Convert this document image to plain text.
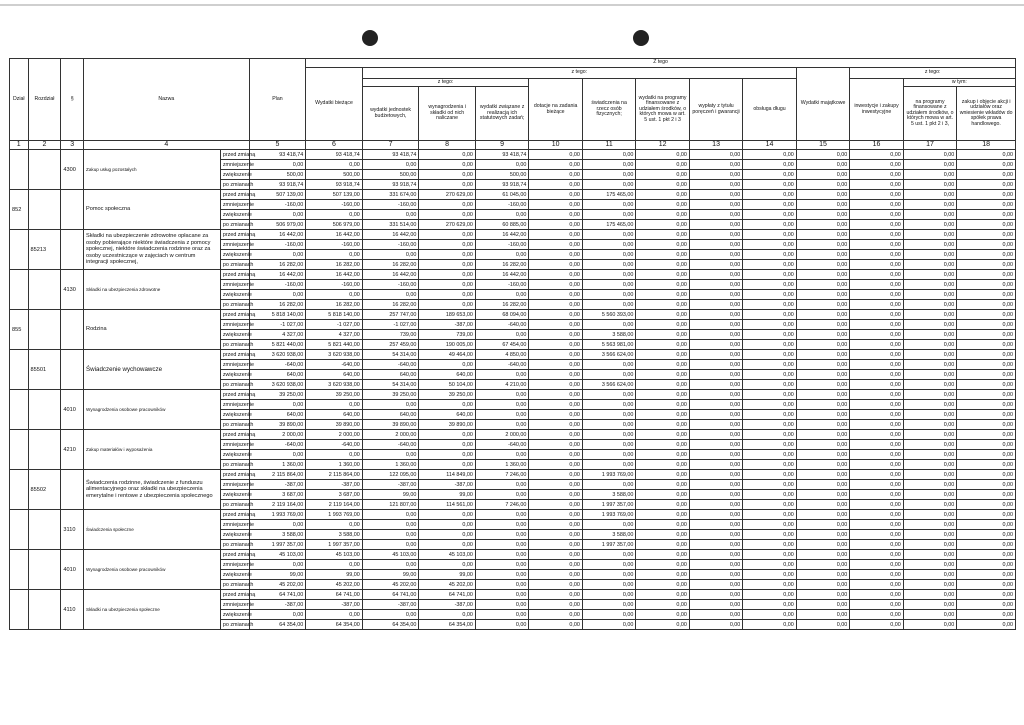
Dział	Rozdział	§	Nazwa		Plan	Z tego												
						Wydatki bieżące	z tego:								Wydatki majątkowe	z tego:		
							z tego:			dotacje na zadania bieżące	świadczenia na rzecz osób fizycznych;	wydatki na programy finansowane z udziałem środków, o których mowa w art. 5 ust. 1 pkt 2 i 3	wypłaty z tytułu poręczeń i gwarancji	obsługa długu		inwestycje i zakupy inwestycyjne	w tym:	
							wydatki jednostek budżetowych,	wynagrodzenia i składki od nich naliczane	wydatki związane z realizacją ich statutowych zadań;								na programy finansowane z udziałem środków, o których mowa w art. 5 ust. 1 pkt 2 i 3,	zakup i objęcie akcji i udziałów oraz wniesienie wkładów do spółek prawa handlowego.
1	2	3	4		5	6	7	8	9	10	11	12	13	14	15	16	17	18
		4300	Zakup usług pozostałych	przed zmianą	93 418,74	93 418,74	93 418,74	0,00	93 418,74	0,00	0,00	0,00	0,00	0,00	0,00	0,00	0,00	0,00
				zmniejszenie	0,00	0,00	0,00	0,00	0,00	0,00	0,00	0,00	0,00	0,00	0,00	0,00	0,00	0,00
				zwiększenie	500,00	500,00	500,00	0,00	500,00	0,00	0,00	0,00	0,00	0,00	0,00	0,00	0,00	0,00
				po zmianach	93 918,74	93 918,74	93 918,74	0,00	93 918,74	0,00	0,00	0,00	0,00	0,00	0,00	0,00	0,00	0,00
852			Pomoc społeczna	przed zmianą	507 139,00	507 139,00	331 674,00	270 629,00	61 045,00	0,00	175 465,00	0,00	0,00	0,00	0,00	0,00	0,00	0,00
				zmniejszenie	-160,00	-160,00	-160,00	0,00	-160,00	0,00	0,00	0,00	0,00	0,00	0,00	0,00	0,00	0,00
				zwiększenie	0,00	0,00	0,00	0,00	0,00	0,00	0,00	0,00	0,00	0,00	0,00	0,00	0,00	0,00
				po zmianach	506 979,00	506 979,00	331 514,00	270 629,00	60 885,00	0,00	175 465,00	0,00	0,00	0,00	0,00	0,00	0,00	0,00
	85213		Składki na ubezpieczenie zdrowotne opłacane za osoby pobierające niektóre świadczenia z pomocy społecznej, niektóre świadczenia rodzinne oraz za osoby uczestniczące w zajęciach w centrum integracji społecznej,	przed zmianą	16 442,00	16 442,00	16 442,00	0,00	16 442,00	0,00	0,00	0,00	0,00	0,00	0,00	0,00	0,00	0,00
				zmniejszenie	-160,00	-160,00	-160,00	0,00	-160,00	0,00	0,00	0,00	0,00	0,00	0,00	0,00	0,00	0,00
				zwiększenie	0,00	0,00	0,00	0,00	0,00	0,00	0,00	0,00	0,00	0,00	0,00	0,00	0,00	0,00
				po zmianach	16 282,00	16 282,00	16 282,00	0,00	16 282,00	0,00	0,00	0,00	0,00	0,00	0,00	0,00	0,00	0,00
		4130	Składki na ubezpieczenia zdrowotne	przed zmianą	16 442,00	16 442,00	16 442,00	0,00	16 442,00	0,00	0,00	0,00	0,00	0,00	0,00	0,00	0,00	0,00
				zmniejszenie	-160,00	-160,00	-160,00	0,00	-160,00	0,00	0,00	0,00	0,00	0,00	0,00	0,00	0,00	0,00
				zwiększenie	0,00	0,00	0,00	0,00	0,00	0,00	0,00	0,00	0,00	0,00	0,00	0,00	0,00	0,00
				po zmianach	16 282,00	16 282,00	16 282,00	0,00	16 282,00	0,00	0,00	0,00	0,00	0,00	0,00	0,00	0,00	0,00
855			Rodzina	przed zmianą	5 818 140,00	5 818 140,00	257 747,00	189 653,00	68 094,00	0,00	5 560 393,00	0,00	0,00	0,00	0,00	0,00	0,00	0,00
				zmniejszenie	-1 027,00	-1 027,00	-1 027,00	-387,00	-640,00	0,00	0,00	0,00	0,00	0,00	0,00	0,00	0,00	0,00
				zwiększenie	4 327,00	4 327,00	739,00	739,00	0,00	0,00	3 588,00	0,00	0,00	0,00	0,00	0,00	0,00	0,00
				po zmianach	5 821 440,00	5 821 440,00	257 459,00	190 005,00	67 454,00	0,00	5 563 981,00	0,00	0,00	0,00	0,00	0,00	0,00	0,00
	85501		Świadczenie wychowawcze	przed zmianą	3 620 938,00	3 620 938,00	54 314,00	49 464,00	4 850,00	0,00	3 566 624,00	0,00	0,00	0,00	0,00	0,00	0,00	0,00
				zmniejszenie	-640,00	-640,00	-640,00	0,00	-640,00	0,00	0,00	0,00	0,00	0,00	0,00	0,00	0,00	0,00
				zwiększenie	640,00	640,00	640,00	640,00	0,00	0,00	0,00	0,00	0,00	0,00	0,00	0,00	0,00	0,00
				po zmianach	3 620 938,00	3 620 938,00	54 314,00	50 104,00	4 210,00	0,00	3 566 624,00	0,00	0,00	0,00	0,00	0,00	0,00	0,00
		4010	Wynagrodzenia osobowe pracowników	przed zmianą	39 250,00	39 250,00	39 250,00	39 250,00	0,00	0,00	0,00	0,00	0,00	0,00	0,00	0,00	0,00	0,00
				zmniejszenie	0,00	0,00	0,00	0,00	0,00	0,00	0,00	0,00	0,00	0,00	0,00	0,00	0,00	0,00
				zwiększenie	640,00	640,00	640,00	640,00	0,00	0,00	0,00	0,00	0,00	0,00	0,00	0,00	0,00	0,00
				po zmianach	39 890,00	39 890,00	39 890,00	39 890,00	0,00	0,00	0,00	0,00	0,00	0,00	0,00	0,00	0,00	0,00
		4210	Zakup materiałów i wyposażenia	przed zmianą	2 000,00	2 000,00	2 000,00	0,00	2 000,00	0,00	0,00	0,00	0,00	0,00	0,00	0,00	0,00	0,00
				zmniejszenie	-640,00	-640,00	-640,00	0,00	-640,00	0,00	0,00	0,00	0,00	0,00	0,00	0,00	0,00	0,00
				zwiększenie	0,00	0,00	0,00	0,00	0,00	0,00	0,00	0,00	0,00	0,00	0,00	0,00	0,00	0,00
				po zmianach	1 360,00	1 360,00	1 360,00	0,00	1 360,00	0,00	0,00	0,00	0,00	0,00	0,00	0,00	0,00	0,00
	85502		Świadczenia rodzinne, świadczenie z funduszu alimentacyjnego oraz składki na ubezpieczenia emerytalne i rentowe z ubezpieczenia społecznego	przed zmianą	2 115 864,00	2 115 864,00	122 095,00	114 849,00	7 246,00	0,00	1 993 769,00	0,00	0,00	0,00	0,00	0,00	0,00	0,00
				zmniejszenie	-387,00	-387,00	-387,00	-387,00	0,00	0,00	0,00	0,00	0,00	0,00	0,00	0,00	0,00	0,00
				zwiększenie	3 687,00	3 687,00	99,00	99,00	0,00	0,00	3 588,00	0,00	0,00	0,00	0,00	0,00	0,00	0,00
				po zmianach	2 119 164,00	2 119 164,00	121 807,00	114 561,00	7 246,00	0,00	1 997 357,00	0,00	0,00	0,00	0,00	0,00	0,00	0,00
		3110	Świadczenia społeczne	przed zmianą	1 993 769,00	1 993 769,00	0,00	0,00	0,00	0,00	1 993 769,00	0,00	0,00	0,00	0,00	0,00	0,00	0,00
				zmniejszenie	0,00	0,00	0,00	0,00	0,00	0,00	0,00	0,00	0,00	0,00	0,00	0,00	0,00	0,00
				zwiększenie	3 588,00	3 588,00	0,00	0,00	0,00	0,00	3 588,00	0,00	0,00	0,00	0,00	0,00	0,00	0,00
				po zmianach	1 997 357,00	1 997 357,00	0,00	0,00	0,00	0,00	1 997 357,00	0,00	0,00	0,00	0,00	0,00	0,00	0,00
		4010	Wynagrodzenia osobowe pracowników	przed zmianą	45 103,00	45 103,00	45 103,00	45 103,00	0,00	0,00	0,00	0,00	0,00	0,00	0,00	0,00	0,00	0,00
				zmniejszenie	0,00	0,00	0,00	0,00	0,00	0,00	0,00	0,00	0,00	0,00	0,00	0,00	0,00	0,00
				zwiększenie	99,00	99,00	99,00	99,00	0,00	0,00	0,00	0,00	0,00	0,00	0,00	0,00	0,00	0,00
				po zmianach	45 202,00	45 202,00	45 202,00	45 202,00	0,00	0,00	0,00	0,00	0,00	0,00	0,00	0,00	0,00	0,00
		4110	Składki na ubezpieczenia społeczne	przed zmianą	64 741,00	64 741,00	64 741,00	64 741,00	0,00	0,00	0,00	0,00	0,00	0,00	0,00	0,00	0,00	0,00
				zmniejszenie	-387,00	-387,00	-387,00	-387,00	0,00	0,00	0,00	0,00	0,00	0,00	0,00	0,00	0,00	0,00
				zwiększenie	0,00	0,00	0,00	0,00	0,00	0,00	0,00	0,00	0,00	0,00	0,00	0,00	0,00	0,00
				po zmianach	64 354,00	64 354,00	64 354,00	64 354,00	0,00	0,00	0,00	0,00	0,00	0,00	0,00	0,00	0,00	0,00
